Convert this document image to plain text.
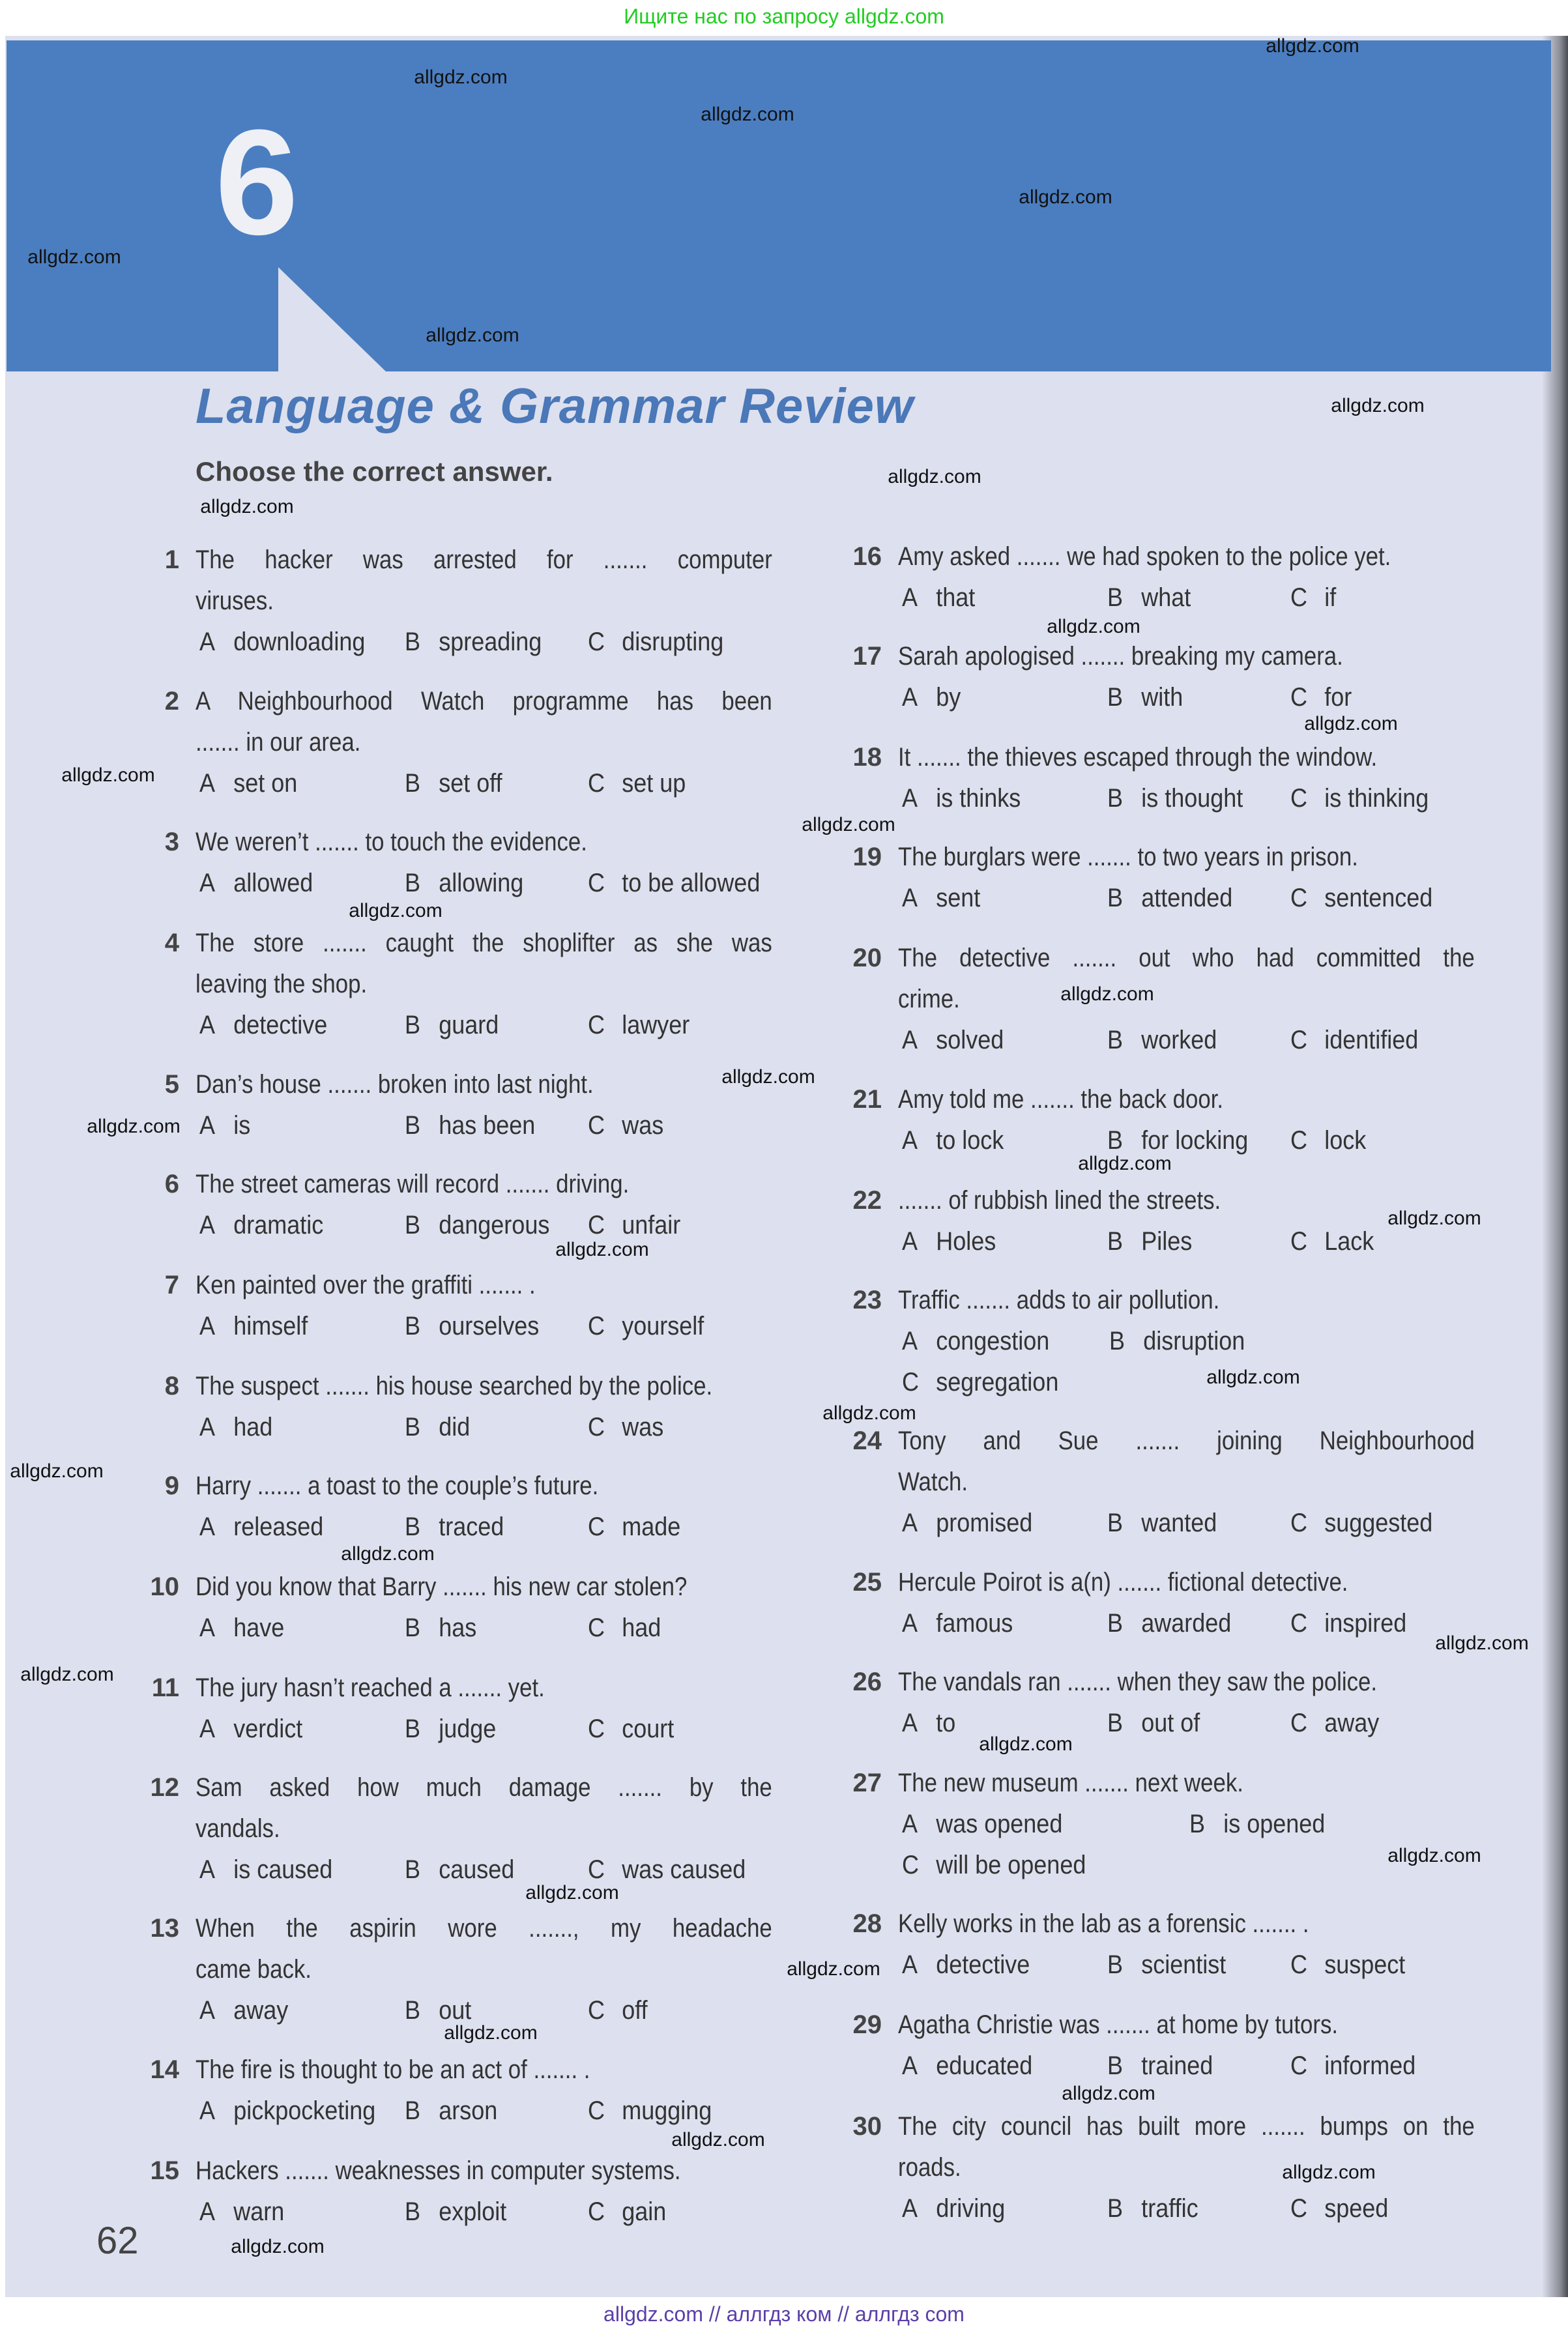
Ищите нас по запросу allgdz.com
6
Language & Grammar Review
Choose the correct answer.
1 The hacker was arrested for ....... computer
viruses.
A downloading B spreading C disrupting
2 A Neighbourhood Watch programme has been
....... in our area.
A set on	B set off	C set up
3 We weren’t ....... to touch the evidence.
A allowed	B allowing C to be allowed
4 The store ....... caught the shoplifter as she was
leaving the shop.
A detective	B guard	C lawyer
5 Dan’s house ....... broken into last night.
A is	B has been C was
6 The street cameras will record ....... driving.
A dramatic	B dangerous C unfair
7 Ken painted over the graffiti ....... .
A himself	B ourselves C yourself
8 The suspect ....... his house searched by the police.
A had	B did	C was
9 Harry ....... a toast to the couple’s future.
A released	B traced	C made
10 Did you know that Barry ....... his new car stolen?
A have	B has	C had
11 The jury hasn’t reached a ....... yet.
A verdict	B judge	C court
12 Sam asked how much damage ....... by the
vandals.
A is caused	B caused	C was caused
13 When the aspirin wore ......., my headache
came back.
A away	B out	C off
14 The fire is thought to be an act of ....... .
A pickpocketing B arson	C mugging
15 Hackers ....... weaknesses in computer systems.
A warn	B exploit	C gain
16 Amy asked ....... we had spoken to the police yet.
A that	B what	C if
17 Sarah apologised ....... breaking my camera.
A by	B with	C for
18 It ....... the thieves escaped through the window.
A is thinks	B is thought C is thinking
19 The burglars were ....... to two years in prison.
A sent	B attended C sentenced
20 The detective ....... out who had committed the
crime.
A solved	B worked	C identified
21 Amy told me ....... the back door.
A to lock	B for locking C lock
22 ....... of rubbish lined the streets.
A Holes	B Piles	C Lack
23 Traffic ....... adds to air pollution.
A congestion B disruption
C segregation
24 Tony and Sue ....... joining Neighbourhood
Watch.
A promised	B wanted	C suggested
25 Hercule Poirot is a(n) ....... fictional detective.
A famous	B awarded C inspired
26 The vandals ran ....... when they saw the police.
A to	B out of	C away
27 The new museum ....... next week.
A was opened	B is opened
C will be opened
28 Kelly works in the lab as a forensic ....... .
A detective	B scientist C suspect
29 Agatha Christie was ....... at home by tutors.
A educated	B trained	C informed
30 The city council has built more ....... bumps on the
roads.
A driving	B traffic	C speed
allgdz.com
allgdz.com
allgdz.com
allgdz.com
allgdz.com
allgdz.com
allgdz.com
allgdz.com
allgdz.com
allgdz.com
allgdz.com
allgdz.com
allgdz.com
allgdz.com
allgdz.com
allgdz.com
allgdz.com
allgdz.com
allgdz.com
allgdz.com
allgdz.com
allgdz.com
allgdz.com
allgdz.com
allgdz.com
allgdz.com
allgdz.com
allgdz.com
allgdz.com
allgdz.com
allgdz.com
allgdz.com
allgdz.com
allgdz.com
allgdz.com
62
allgdz.com // аллгдз ком // аллгдз com
